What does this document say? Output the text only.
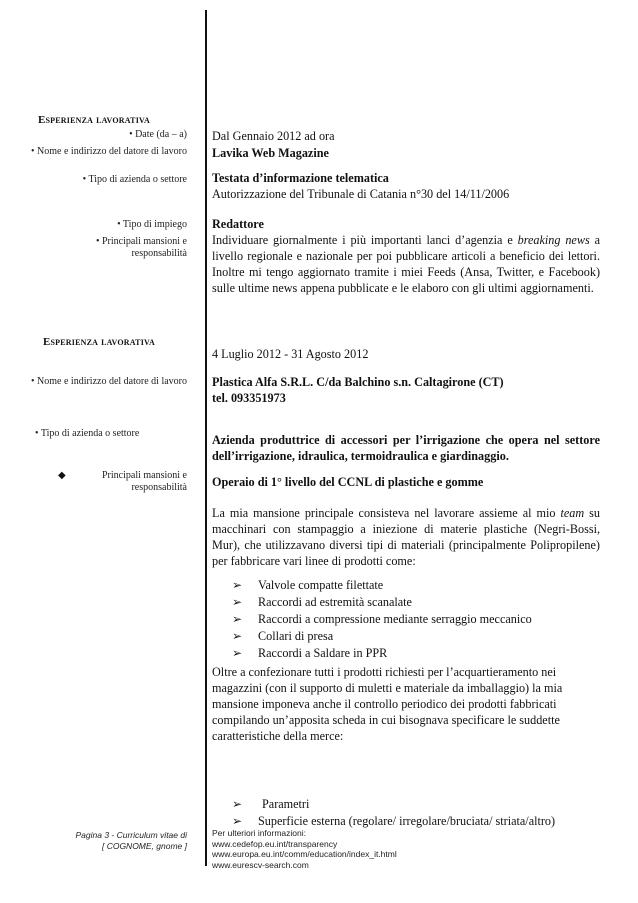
Esperienza lavorativa
• Date (da – a)
• Nome e indirizzo del datore di lavoro
• Tipo di azienda o settore
• Tipo di impiego
• Principali mansioni e responsabilità
Dal Gennaio 2012 ad ora
Lavika Web Magazine
Testata d’informazione telematica
Autorizzazione del Tribunale di Catania n°30 del 14/11/2006
Redattore
Individuare giornalmente i più importanti lanci d’agenzia e breaking news a livello regionale e nazionale per poi pubblicare articoli a beneficio dei lettori. Inoltre mi tengo aggiornato tramite i miei Feeds (Ansa, Twitter, e Facebook) sulle ultime news appena pubblicate e le elaboro con gli ultimi aggiornamenti.
Esperienza lavorativa
• Nome e indirizzo del datore di lavoro
• Tipo di azienda o settore
◆	Principali mansioni e responsabilità
4 Luglio 2012 - 31 Agosto 2012
Plastica Alfa S.R.L. C/da Balchino s.n. Caltagirone (CT)
tel. 093351973
Azienda produttrice di accessori per l’irrigazione che opera nel settore dell’irrigazione, idraulica, termoidraulica e giardinaggio.
Operaio di 1° livello del CCNL di plastiche e gomme
La mia mansione principale consisteva nel lavorare assieme al mio team su macchinari con stampaggio a iniezione di materie plastiche (Negri-Bossi, Mur), che utilizzavano diversi tipi di materiali (principalmente Polipropilene) per fabbricare vari linee di prodotti come:
➢ Valvole compatte filettate
➢ Raccordi ad estremità scanalate
➢ Raccordi a compressione mediante serraggio meccanico
➢ Collari di presa
➢ Raccordi a Saldare in PPR
Oltre a confezionare tutti i prodotti richiesti per l’acquartieramento nei magazzini (con il supporto di muletti e materiale da imballaggio) la mia mansione imponeva anche il controllo periodico dei prodotti fabbricati compilando un’apposita scheda in cui bisognava specificare le suddette caratteristiche della merce:
➢ Parametri
➢ Superficie esterna (regolare/ irregolare/bruciata/ striata/altro)
Pagina 3 - Curriculum vitae di
[ COGNOME, gnome ]
Per ulteriori informazioni:
www.cedefop.eu.int/transparency
www.europa.eu.int/comm/education/index_it.html
www.eurescv-search.com
